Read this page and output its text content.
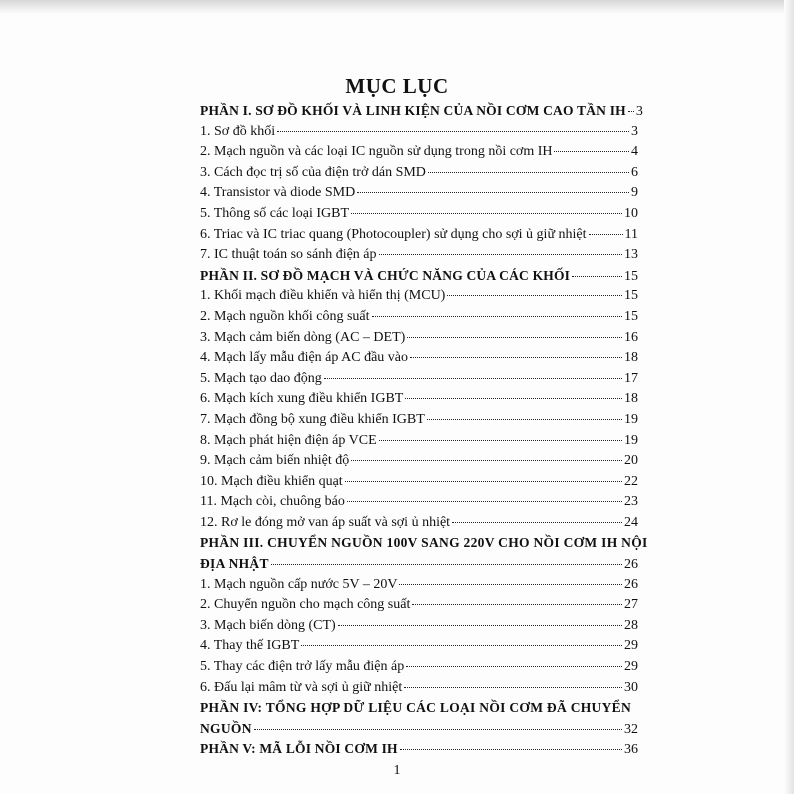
MỤC LỤC
PHẦN I. SƠ ĐỒ KHỐI VÀ LINH KIỆN CỦA NỒI CƠM CAO TẦN IH 3
1. Sơ đồ khối	3
2. Mạch nguồn và các loại IC nguồn sử dụng trong nồi cơm IH	4
3. Cách đọc trị số của điện trở dán SMD	6
4. Transistor và diode SMD	9
5. Thông số các loại IGBT	10
6. Triac và IC triac quang (Photocoupler) sử dụng cho sợi ủ giữ nhiệt	11
7. IC thuật toán so sánh điện áp	13
PHẦN II. SƠ ĐỒ MẠCH VÀ CHỨC NĂNG CỦA CÁC KHỐI	15
1. Khối mạch điều khiển và hiển thị (MCU)	15
2. Mạch nguồn khối công suất	15
3. Mạch cảm biến dòng (AC – DET)	16
4. Mạch lấy mẫu điện áp AC đầu vào	18
5. Mạch tạo dao động	17
6. Mạch kích xung điều khiển IGBT	18
7. Mạch đồng bộ xung điều khiển IGBT	19
8. Mạch phát hiện điện áp VCE	19
9. Mạch cảm biến nhiệt độ	20
10. Mạch điều khiển quạt	22
11. Mạch còi, chuông báo	23
12. Rơ le đóng mở van áp suất và sợi ủ nhiệt	24
PHẦN III. CHUYỂN NGUỒN 100V SANG 220V CHO NỒI CƠM IH NỘI
ĐỊA NHẬT	26
1. Mạch nguồn cấp nước 5V – 20V	26
2. Chuyển nguồn cho mạch công suất	27
3. Mạch biến dòng (CT)	28
4. Thay thế IGBT	29
5. Thay các điện trở lấy mẫu điện áp	29
6. Đấu lại mâm từ và sợi ủ giữ nhiệt	30
PHẦN IV: TỔNG HỢP DỮ LIỆU CÁC LOẠI NỒI CƠM ĐÃ CHUYỂN
NGUỒN	32
PHẦN V: MÃ LỖI NỒI CƠM IH	36
1
